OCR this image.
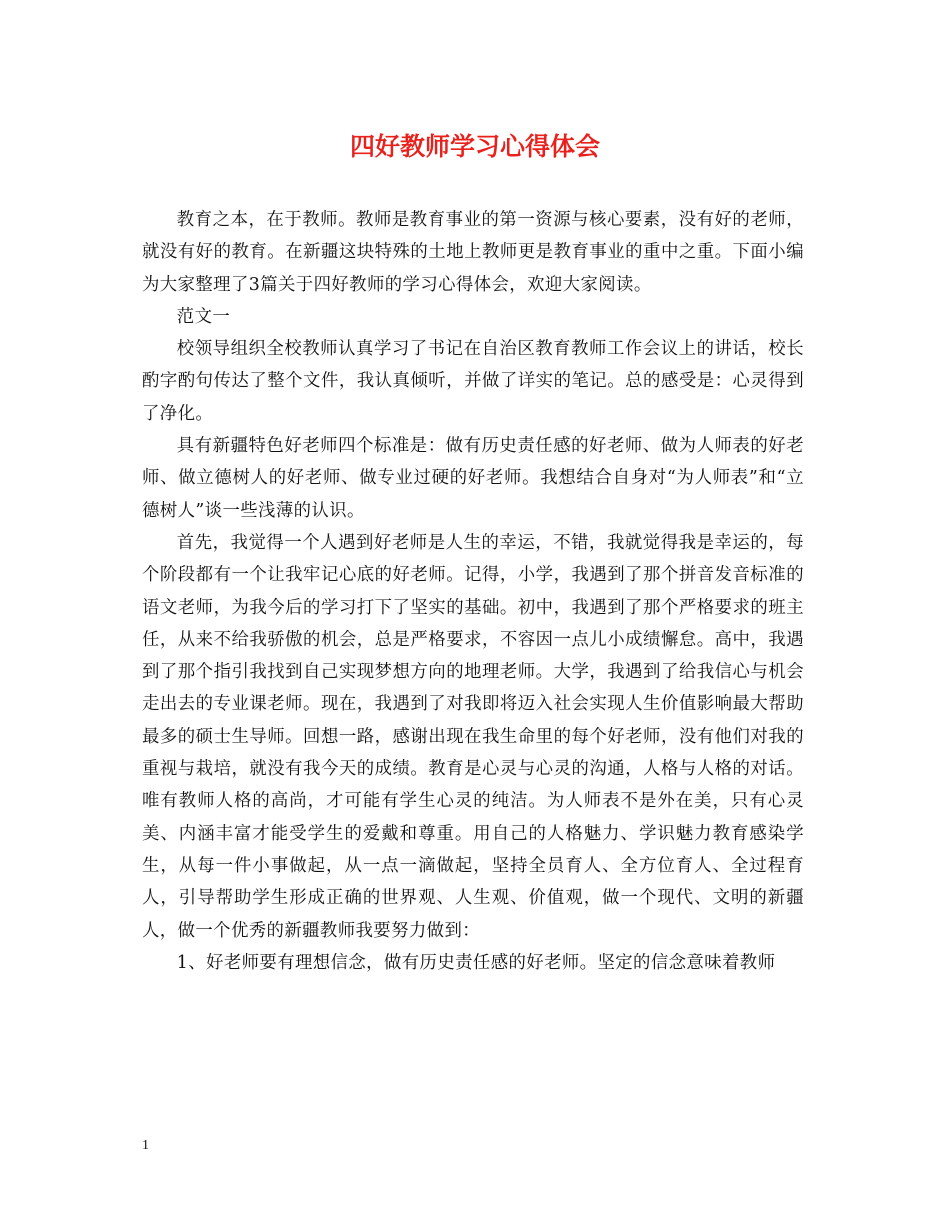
四好教师学习心得体会

教育之本，在于教师。教师是教育事业的第一资源与核心要素，没有好的老师，就没有好的教育。在新疆这块特殊的土地上教师更是教育事业的重中之重。下面小编为大家整理了3篇关于四好教师的学习心得体会，欢迎大家阅读。

范文一

校领导组织全校教师认真学习了书记在自治区教育教师工作会议上的讲话，校长酌字酌句传达了整个文件，我认真倾听，并做了详实的笔记。总的感受是：心灵得到了净化。

具有新疆特色好老师四个标准是：做有历史责任感的好老师、做为人师表的好老师、做立德树人的好老师、做专业过硬的好老师。我想结合自身对“为人师表”和“立德树人”谈一些浅薄的认识。

首先，我觉得一个人遇到好老师是人生的幸运，不错，我就觉得我是幸运的，每个阶段都有一个让我牢记心底的好老师。记得，小学，我遇到了那个拼音发音标准的语文老师，为我今后的学习打下了坚实的基础。初中，我遇到了那个严格要求的班主任，从来不给我骄傲的机会，总是严格要求，不容因一点儿小成绩懈怠。高中，我遇到了那个指引我找到自己实现梦想方向的地理老师。大学，我遇到了给我信心与机会走出去的专业课老师。现在，我遇到了对我即将迈入社会实现人生价值影响最大帮助最多的硕士生导师。回想一路，感谢出现在我生命里的每个好老师，没有他们对我的重视与栽培，就没有我今天的成绩。教育是心灵与心灵的沟通，人格与人格的对话。唯有教师人格的高尚，才可能有学生心灵的纯洁。为人师表不是外在美，只有心灵美、内涵丰富才能受学生的爱戴和尊重。用自己的人格魅力、学识魅力教育感染学生，从每一件小事做起，从一点一滴做起，坚持全员育人、全方位育人、全过程育人，引导帮助学生形成正确的世界观、人生观、价值观，做一个现代、文明的新疆人，做一个优秀的新疆教师我要努力做到：

1、好老师要有理想信念，做有历史责任感的好老师。坚定的信念意味着教师

1
